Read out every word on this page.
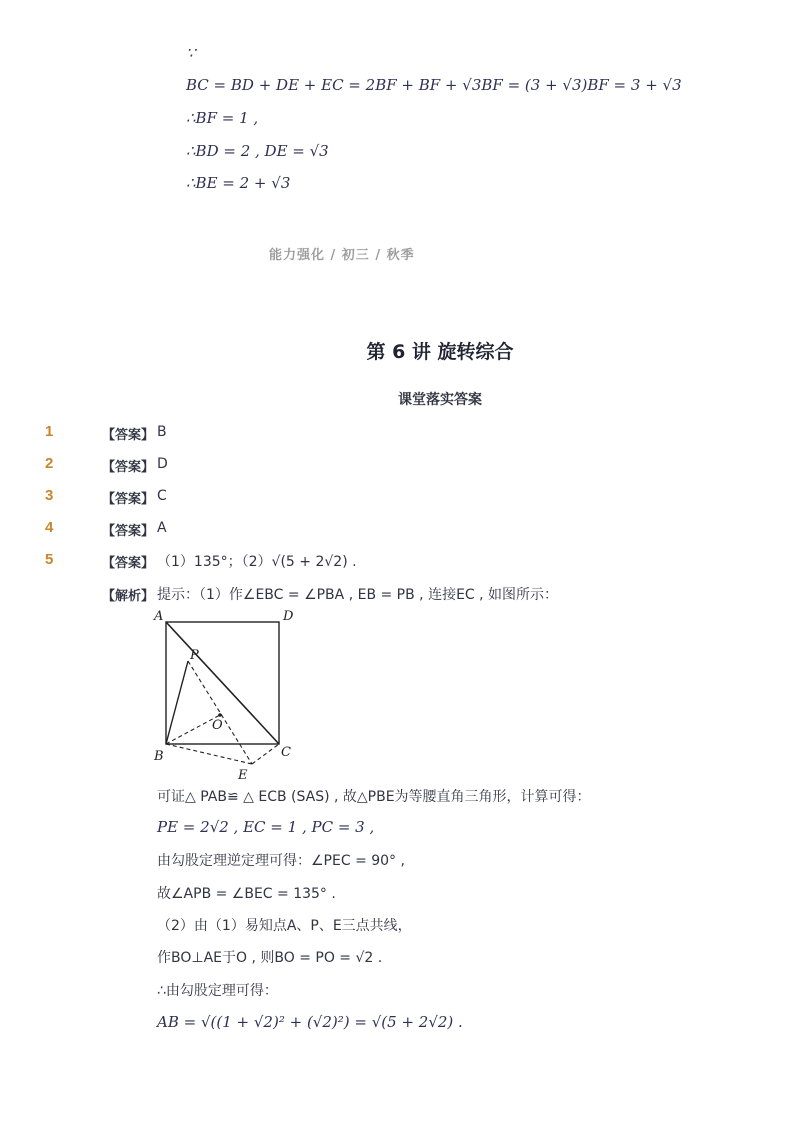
∵
BC = BD + DE + EC = 2BF + BF + √3BF = (3 + √3)BF = 3 + √3
∴BF = 1 ,
∴BD = 2 , DE = √3
∴BE = 2 + √3
能力强化 / 初三 / 秋季
第 6 讲 旋转综合
课堂落实答案
1	【答案】 B
2	【答案】 D
3	【答案】 C
4	【答案】 A
5	【答案】 （1）135°；（2）√(5 + 2√2) .
【解析】 提示：（1）作∠EBC = ∠PBA , EB = PB , 连接EC , 如图所示：
A	D
P
O
B	C
E
可证△ PAB≌ △ ECB (SAS) , 故△PBE为等腰直角三角形，计算可得：
PE = 2√2 , EC = 1 , PC = 3 ,
由勾股定理逆定理可得：∠PEC = 90° ,
故∠APB = ∠BEC = 135° .
（2）由（1）易知点A、P、E三点共线，
作BO⊥AE于O , 则BO = PO = √2 .
∴由勾股定理可得：
AB = √((1 + √2)² + (√2)²) = √(5 + 2√2) .
